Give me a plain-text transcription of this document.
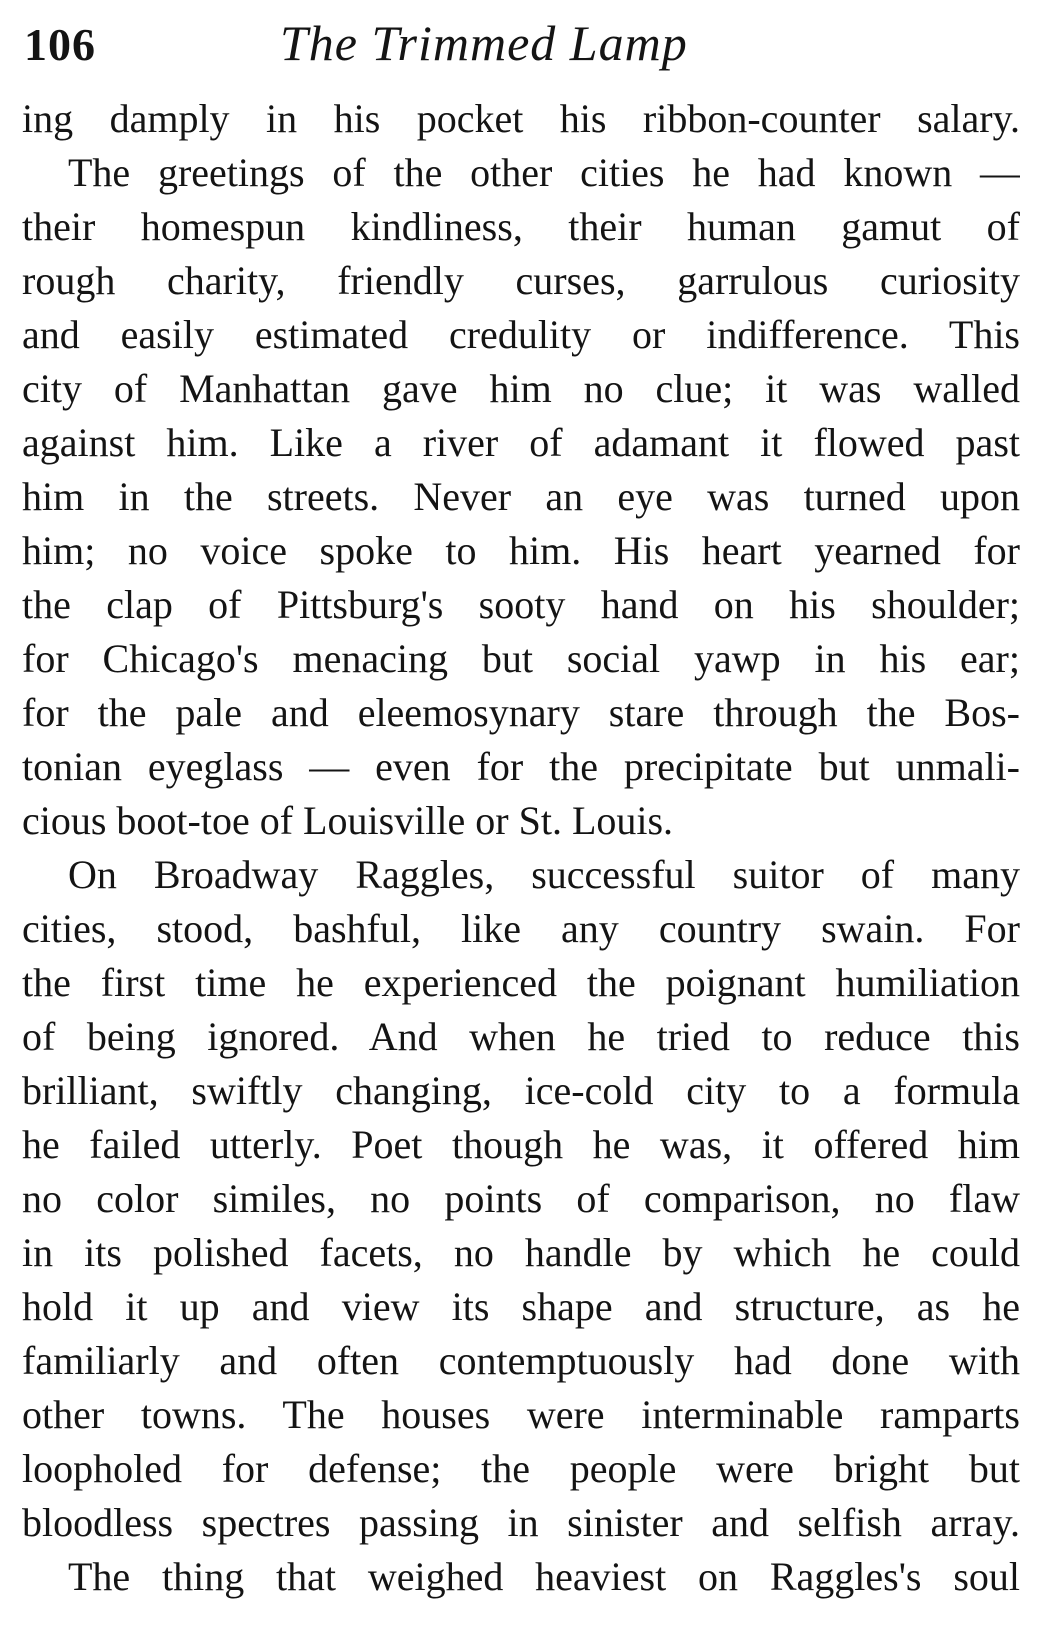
106	The Trimmed Lamp
ing damply in his pocket his ribbon-counter salary.
The greetings of the other cities he had known —
their homespun kindliness, their human gamut of
rough charity, friendly curses, garrulous curiosity
and easily estimated credulity or indifference. This
city of Manhattan gave him no clue; it was walled
against him. Like a river of adamant it flowed past
him in the streets. Never an eye was turned upon
him; no voice spoke to him. His heart yearned for
the clap of Pittsburg's sooty hand on his shoulder;
for Chicago's menacing but social yawp in his ear;
for the pale and eleemosynary stare through the Bos-
tonian eyeglass — even for the precipitate but unmali-
cious boot-toe of Louisville or St. Louis.
On Broadway Raggles, successful suitor of many
cities, stood, bashful, like any country swain. For
the first time he experienced the poignant humiliation
of being ignored. And when he tried to reduce this
brilliant, swiftly changing, ice-cold city to a formula
he failed utterly. Poet though he was, it offered him
no color similes, no points of comparison, no flaw
in its polished facets, no handle by which he could
hold it up and view its shape and structure, as he
familiarly and often contemptuously had done with
other towns. The houses were interminable ramparts
loopholed for defense; the people were bright but
bloodless spectres passing in sinister and selfish array.
The thing that weighed heaviest on Raggles's soul
